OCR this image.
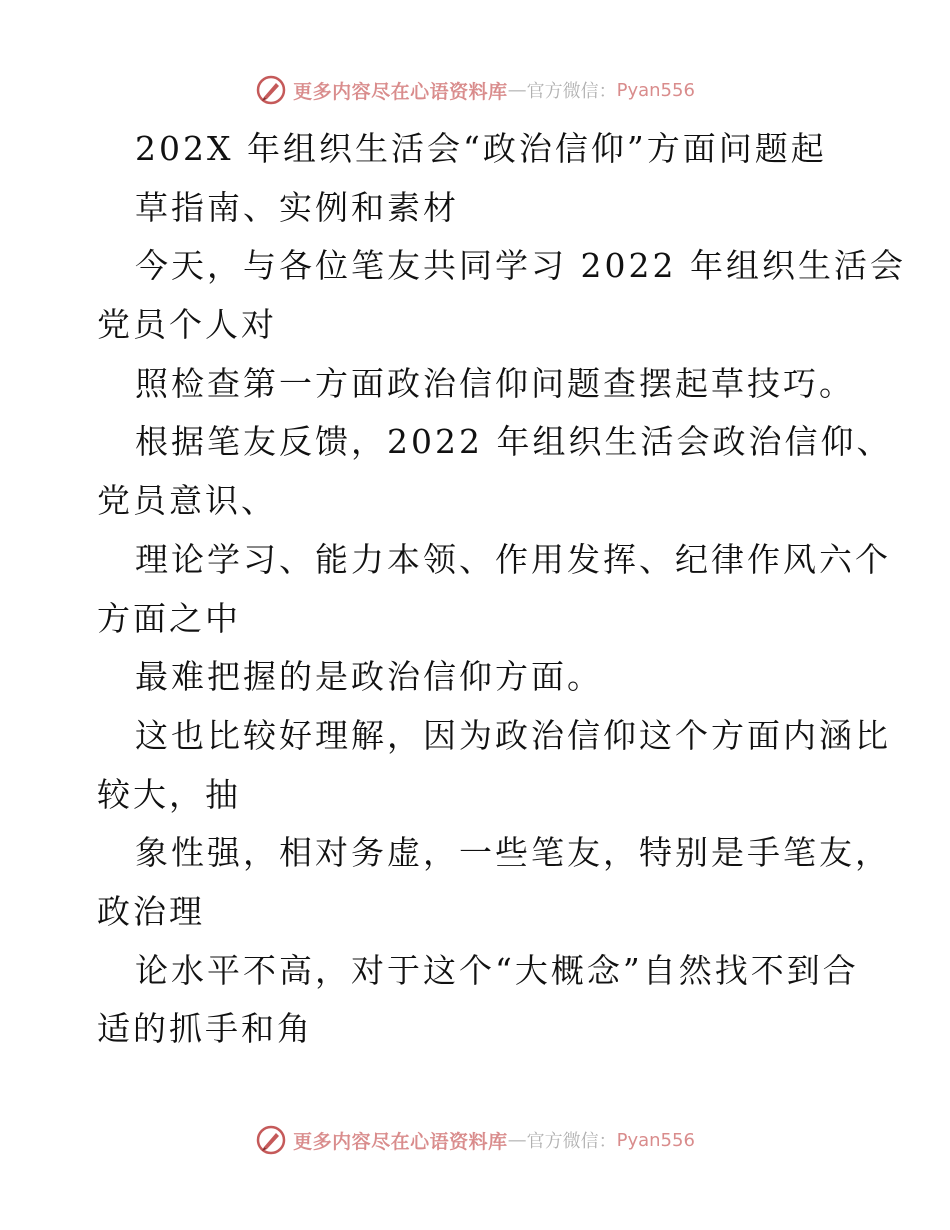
更多内容尽在心语资料库 — 官方微信： Pyan556
202X 年组织生活会“政治信仰”方面问题起
草指南、实例和素材
今天，与各位笔友共同学习 2022 年组织生活会
党员个人对
照检查第一方面政治信仰问题查摆起草技巧。
根据笔友反馈，2022 年组织生活会政治信仰、
党员意识、
理论学习、能力本领、作用发挥、纪律作风六个
方面之中
最难把握的是政治信仰方面。
这也比较好理解，因为政治信仰这个方面内涵比
较大，抽
象性强，相对务虚，一些笔友，特别是手笔友，
政治理
论水平不高，对于这个“大概念”自然找不到合
适的抓手和角
更多内容尽在心语资料库 — 官方微信： Pyan556
